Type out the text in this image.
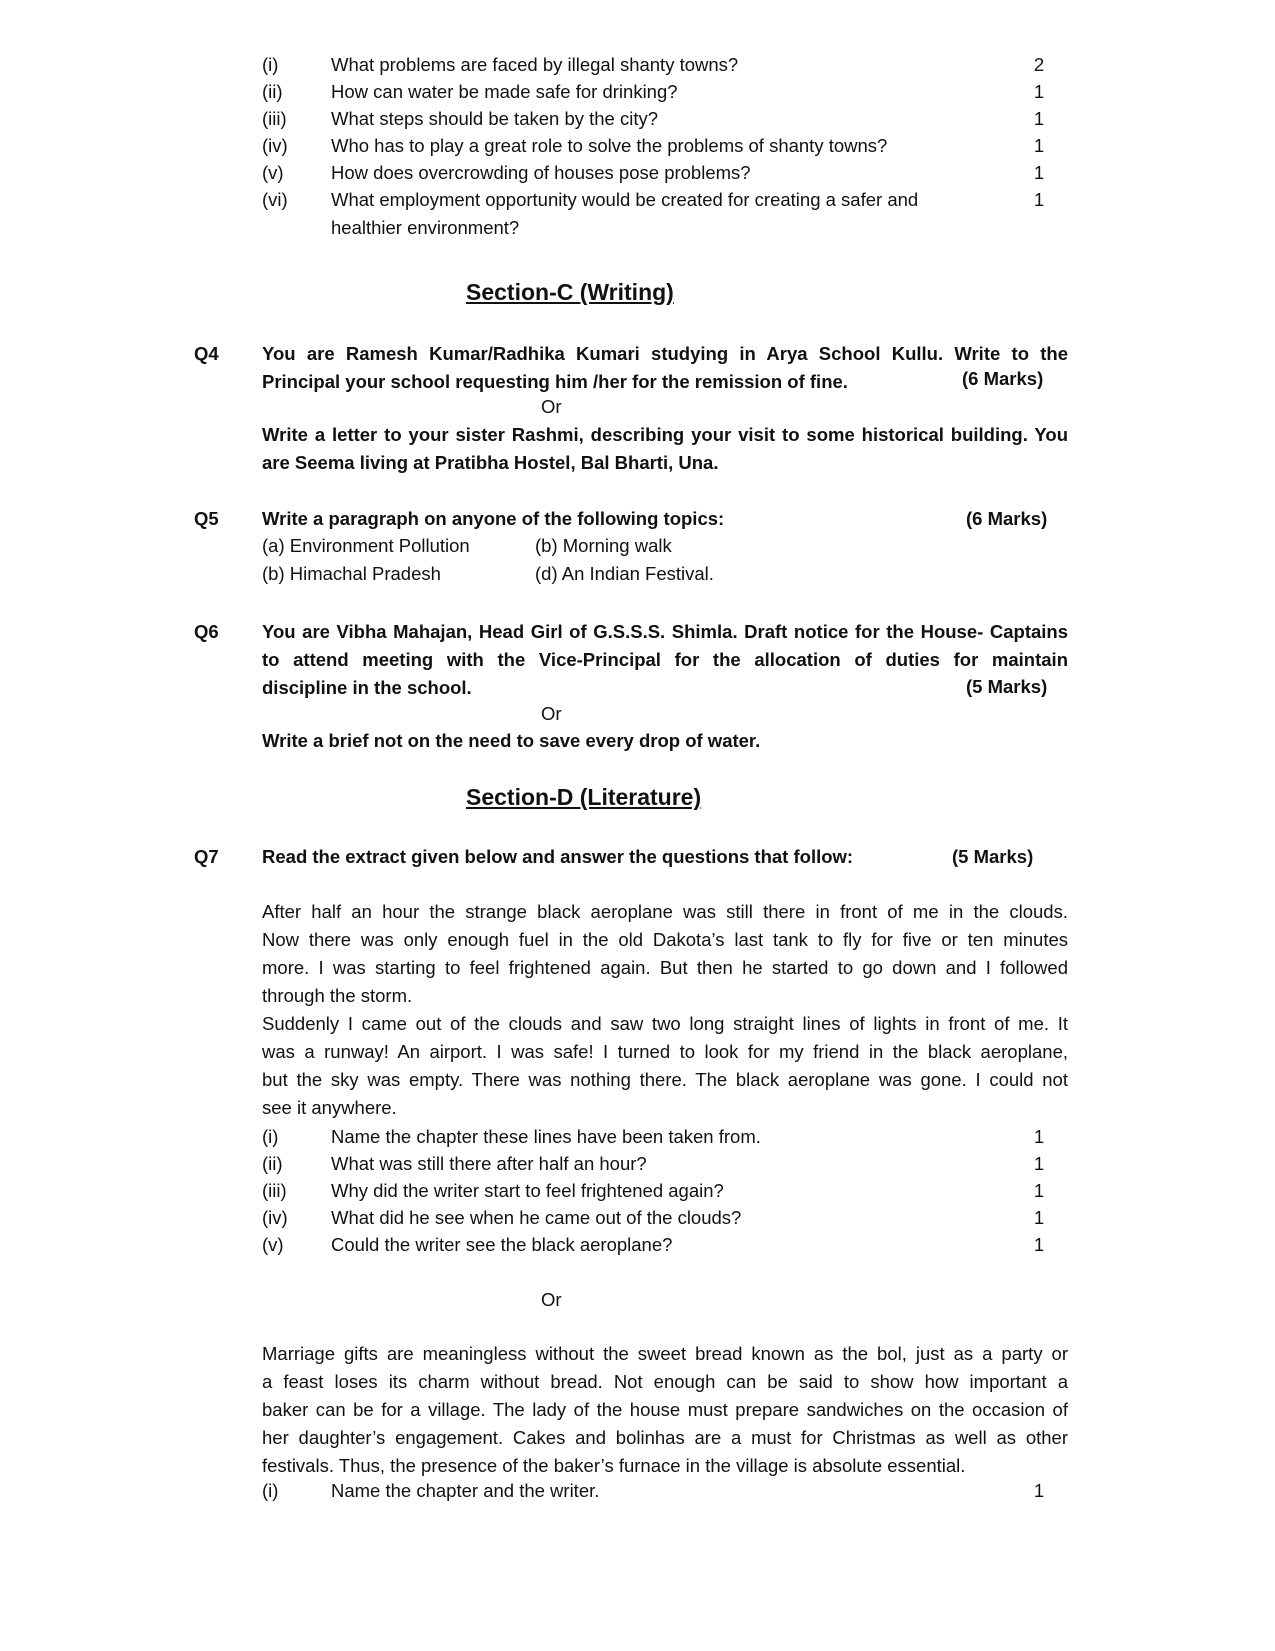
(i)	What problems are faced by illegal shanty towns?	2
(ii)	How can water be made safe for drinking?	1
(iii) What steps should be taken by the city?	1
(iv) Who has to play a great role to solve the problems of shanty towns?	1
(v)	How does overcrowding of houses pose problems?	1
(vi) What employment opportunity would be created for creating a safer and	1
healthier environment?
Section-C (Writing)
Q4 You are Ramesh Kumar/Radhika Kumari studying in Arya School Kullu. Write to the
Principal your school requesting him /her for the remission of fine.	(6 Marks)
Or
Write a letter to your sister Rashmi, describing your visit to some historical building. You
are Seema living at Pratibha Hostel, Bal Bharti, Una.
Q5 Write a paragraph on anyone of the following topics:	(6 Marks)
(a) Environment Pollution	(b) Morning walk
(b) Himachal Pradesh	(d) An Indian Festival.
Q6 You are Vibha Mahajan, Head Girl of G.S.S.S. Shimla. Draft notice for the House- Captains
to attend meeting with the Vice-Principal for the allocation of duties for maintain
discipline in the school.	(5 Marks)
Or
Write a brief not on the need to save every drop of water.
Section-D (Literature)
Q7 Read the extract given below and answer the questions that follow:	(5 Marks)
After half an hour the strange black aeroplane was still there in front of me in the clouds.
Now there was only enough fuel in the old Dakota’s last tank to fly for five or ten minutes
more. I was starting to feel frightened again. But then he started to go down and I followed
through the storm.
Suddenly I came out of the clouds and saw two long straight lines of lights in front of me. It
was a runway! An airport. I was safe! I turned to look for my friend in the black aeroplane,
but the sky was empty. There was nothing there. The black aeroplane was gone. I could not
see it anywhere.
(i)	Name the chapter these lines have been taken from.	1
(ii)	What was still there after half an hour?	1
(iii) Why did the writer start to feel frightened again?	1
(iv) What did he see when he came out of the clouds?	1
(v)	Could the writer see the black aeroplane?	1
Or
Marriage gifts are meaningless without the sweet bread known as the bol, just as a party or
a feast loses its charm without bread. Not enough can be said to show how important a
baker can be for a village. The lady of the house must prepare sandwiches on the occasion of
her daughter’s engagement. Cakes and bolinhas are a must for Christmas as well as other
festivals. Thus, the presence of the baker’s furnace in the village is absolute essential.
(i)	Name the chapter and the writer.	1
